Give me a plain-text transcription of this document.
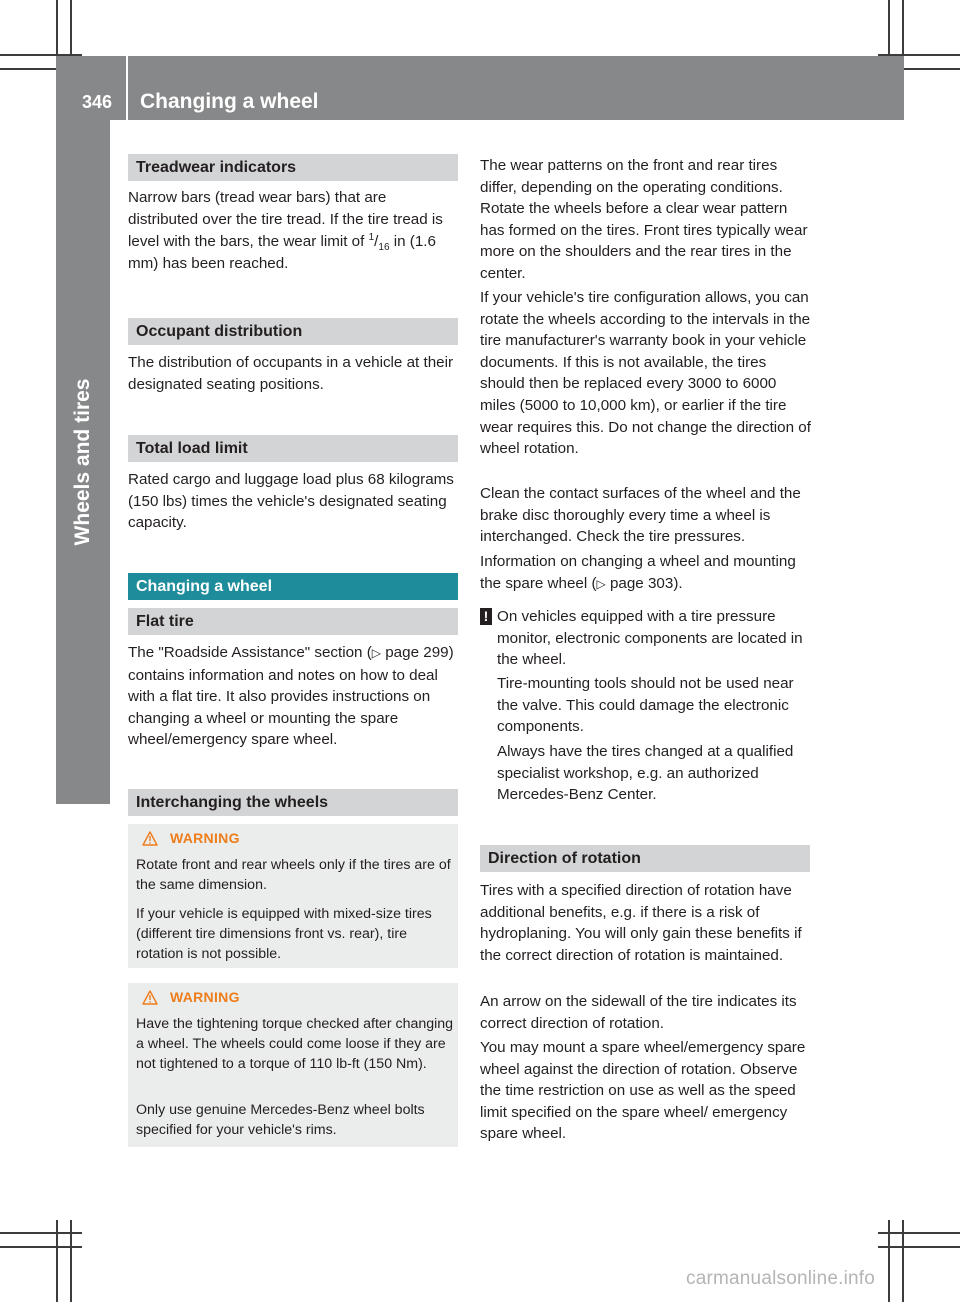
346	Changing a wheel
Wheels and tires
Treadwear indicators

Narrow bars (tread wear bars) that are distributed over the tire tread. If the tire tread is level with the bars, the wear limit of $^1/_{16}$ in (1.6 mm) has been reached.

Occupant distribution

The distribution of occupants in a vehicle at their designated seating positions.

Total load limit

Rated cargo and luggage load plus 68 kilograms (150 lbs) times the vehicle's designated seating capacity.

Changing a wheel
Flat tire

The "Roadside Assistance" section (▷ page 299) contains information and notes on how to deal with a flat tire. It also provides instructions on changing a wheel or mounting the spare wheel/emergency spare wheel.

Interchanging the wheels
WARNING

Rotate front and rear wheels only if the tires are of the same dimension.

If your vehicle is equipped with mixed-size tires (different tire dimensions front vs. rear), tire rotation is not possible.

WARNING

Have the tightening torque checked after changing a wheel. The wheels could come loose if they are not tightened to a torque of 110 lb-ft (150 Nm).

Only use genuine Mercedes-Benz wheel bolts specified for your vehicle's rims.

The wear patterns on the front and rear tires differ, depending on the operating conditions. Rotate the wheels before a clear wear pattern has formed on the tires. Front tires typically wear more on the shoulders and the rear tires in the center.

If your vehicle's tire configuration allows, you can rotate the wheels according to the intervals in the tire manufacturer's warranty book in your vehicle documents. If this is not available, the tires should then be replaced every 3000 to 6000 miles (5000 to 10,000 km), or earlier if the tire wear requires this. Do not change the direction of wheel rotation.

Clean the contact surfaces of the wheel and the brake disc thoroughly every time a wheel is interchanged. Check the tire pressures.

Information on changing a wheel and mounting the spare wheel (▷ page 303).

! On vehicles equipped with a tire pressure monitor, electronic components are located in the wheel.

Tire-mounting tools should not be used near the valve. This could damage the electronic components.

Always have the tires changed at a qualified specialist workshop, e.g. an authorized Mercedes-Benz Center.

Direction of rotation

Tires with a specified direction of rotation have additional benefits, e.g. if there is a risk of hydroplaning. You will only gain these benefits if the correct direction of rotation is maintained.

An arrow on the sidewall of the tire indicates its correct direction of rotation.

You may mount a spare wheel/emergency spare wheel against the direction of rotation. Observe the time restriction on use as well as the speed limit specified on the spare wheel/ emergency spare wheel.

carmanualsonline.info
